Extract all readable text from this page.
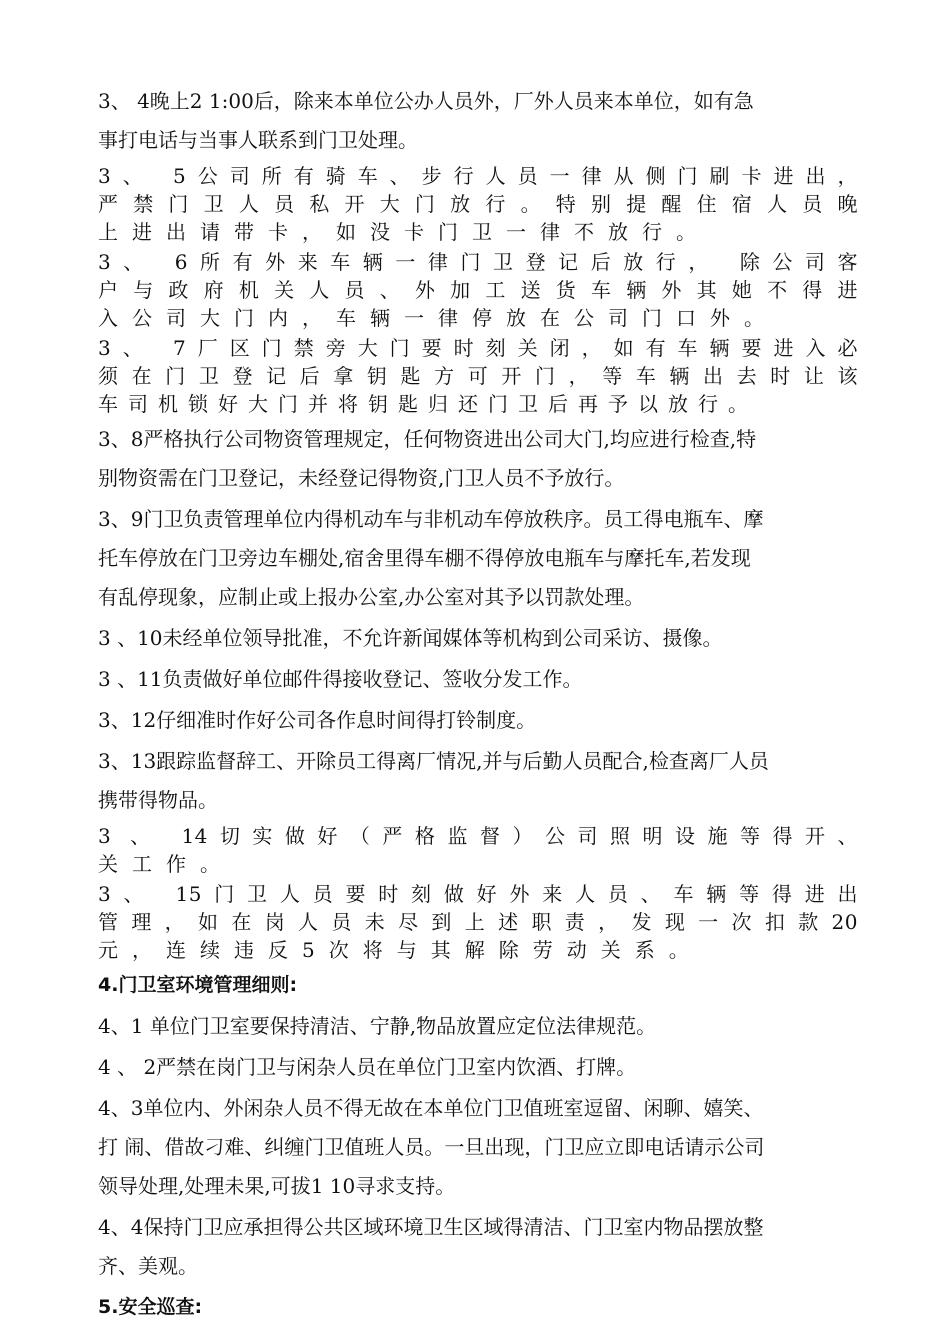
3、 4晚上2 1:00后，除来本单位公办人员外，厂外人员来本单位，如有急

事打电话与当事人联系到门卫处理。

3、 5公司所有骑车、步行人员一律从侧门刷卡进出，

严禁门卫人员私开大门放行。特别提醒住宿人员晚

上进出请带卡，如没卡门卫一律不放行。

3、 6所有外来车辆一律门卫登记后放行， 除公司客

户与政府机关人员、外加工送货车辆外其她不得进

入公司大门内，车辆一律停放在公司门口外。

3、 7厂区门禁旁大门要时刻关闭，如有车辆要进入必

须在门卫登记后拿钥匙方可开门，等车辆出去时让该

车司机锁好大门并将钥匙归还门卫后再予以放行。

3、8严格执行公司物资管理规定，任何物资进出公司大门,均应进行检查,特

别物资需在门卫登记，未经登记得物资,门卫人员不予放行。

3、9门卫负责管理单位内得机动车与非机动车停放秩序。员工得电瓶车、摩

托车停放在门卫旁边车棚处,宿舍里得车棚不得停放电瓶车与摩托车,若发现

有乱停现象，应制止或上报办公室,办公室对其予以罚款处理。

3 、10未经单位领导批准，不允许新闻媒体等机构到公司采访、摄像。

3 、11负责做好单位邮件得接收登记、签收分发工作。

3、12仔细准时作好公司各作息时间得打铃制度。

3、13跟踪监督辞工、开除员工得离厂情况,并与后勤人员配合,检查离厂人员

携带得物品。

3 、 14切实做好（严格监督）公司照明设施等得开、

关工作。

3、 15门卫人员要时刻做好外来人员、车辆等得进出

管理，如在岗人员未尽到上述职责，发现一次扣款20

元，连续违反5次将与其解除劳动关系。

4.门卫室环境管理细则:

4、1 单位门卫室要保持清洁、宁静,物品放置应定位法律规范。

4 、 2严禁在岗门卫与闲杂人员在单位门卫室内饮酒、打牌。

4、3单位内、外闲杂人员不得无故在本单位门卫值班室逗留、闲聊、嬉笑、

打 闹、借故刁难、纠缠门卫值班人员。一旦出现，门卫应立即电话请示公司

领导处理,处理未果,可拔1 10寻求支持。

4、4保持门卫应承担得公共区域环境卫生区域得清洁、门卫室内物品摆放整

齐、美观。

5.安全巡查:
